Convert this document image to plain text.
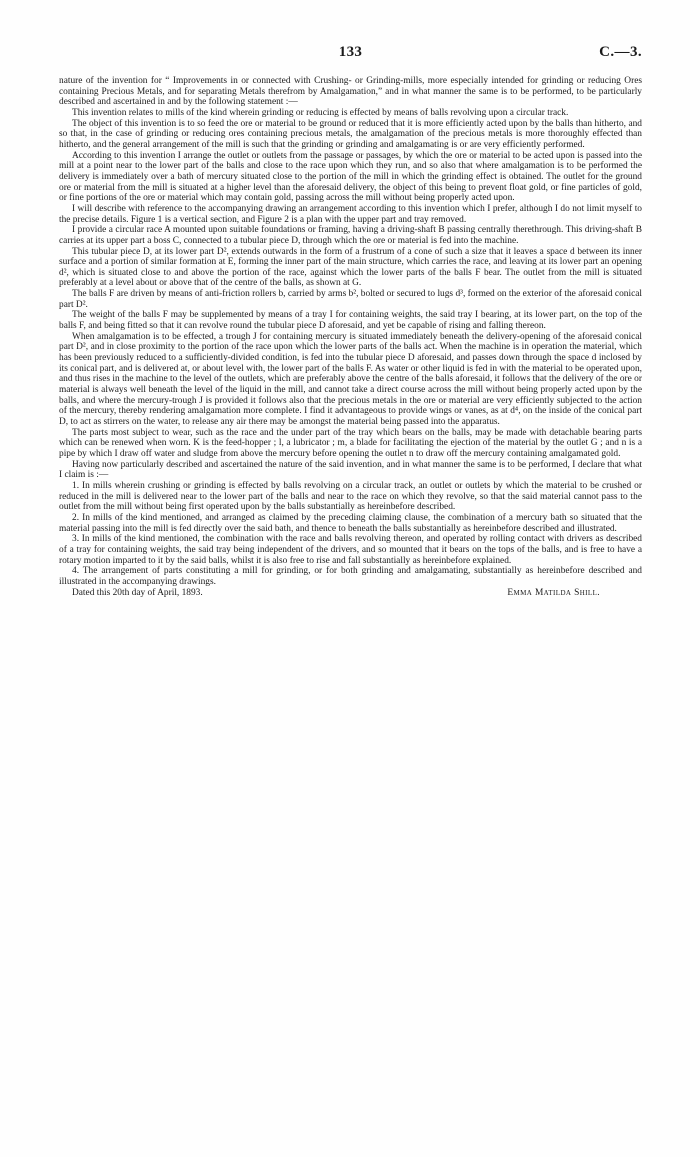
133	C.—3.

nature of the invention for “ Improvements in or connected with Crushing- or Grinding-mills, more especially intended for grinding or reducing Ores containing Precious Metals, and for separating Metals therefrom by Amalgamation,” and in what manner the same is to be performed, to be particularly described and ascertained in and by the following statement :—

This invention relates to mills of the kind wherein grinding or reducing is effected by means of balls revolving upon a circular track.

The object of this invention is to so feed the ore or material to be ground or reduced that it is more efficiently acted upon by the balls than hitherto, and so that, in the case of grinding or reducing ores containing precious metals, the amalgamation of the precious metals is more thoroughly effected than hitherto, and the general arrangement of the mill is such that the grinding or grinding and amalgamating is or are very efficiently performed.

According to this invention I arrange the outlet or outlets from the passage or passages, by which the ore or material to be acted upon is passed into the mill at a point near to the lower part of the balls and close to the race upon which they run, and so also that where amalgamation is to be performed the delivery is immediately over a bath of mercury situated close to the portion of the mill in which the grinding effect is obtained. The outlet for the ground ore or material from the mill is situated at a higher level than the aforesaid delivery, the object of this being to prevent float gold, or fine particles of gold, or fine portions of the ore or material which may contain gold, passing across the mill without being properly acted upon.

I will describe with reference to the accompanying drawing an arrangement according to this invention which I prefer, although I do not limit myself to the precise details. Figure 1 is a vertical section, and Figure 2 is a plan with the upper part and tray removed.

I provide a circular race A mounted upon suitable foundations or framing, having a driving-shaft B passing centrally therethrough. This driving-shaft B carries at its upper part a boss C, connected to a tubular piece D, through which the ore or material is fed into the machine.

This tubular piece D, at its lower part D², extends outwards in the form of a frustrum of a cone of such a size that it leaves a space d between its inner surface and a portion of similar formation at E, forming the inner part of the main structure, which carries the race, and leaving at its lower part an opening d², which is situated close to and above the portion of the race, against which the lower parts of the balls F bear. The outlet from the mill is situated preferably at a level about or above that of the centre of the balls, as shown at G.

The balls F are driven by means of anti-friction rollers b, carried by arms b², bolted or secured to lugs d³, formed on the exterior of the aforesaid conical part D².

The weight of the balls F may be supplemented by means of a tray I for containing weights, the said tray I bearing, at its lower part, on the top of the balls F, and being fitted so that it can revolve round the tubular piece D aforesaid, and yet be capable of rising and falling thereon.

When amalgamation is to be effected, a trough J for containing mercury is situated immediately beneath the delivery-opening of the aforesaid conical part D², and in close proximity to the portion of the race upon which the lower parts of the balls act. When the machine is in operation the material, which has been previously reduced to a sufficiently-divided condition, is fed into the tubular piece D aforesaid, and passes down through the space d inclosed by its conical part, and is delivered at, or about level with, the lower part of the balls F. As water or other liquid is fed in with the material to be operated upon, and thus rises in the machine to the level of the outlets, which are preferably above the centre of the balls aforesaid, it follows that the delivery of the ore or material is always well beneath the level of the liquid in the mill, and cannot take a direct course across the mill without being properly acted upon by the balls, and where the mercury-trough J is provided it follows also that the precious metals in the ore or material are very efficiently subjected to the action of the mercury, thereby rendering amalgamation more complete. I find it advantageous to provide wings or vanes, as at d⁴, on the inside of the conical part D, to act as stirrers on the water, to release any air there may be amongst the material being passed into the apparatus.

The parts most subject to wear, such as the race and the under part of the tray which bears on the balls, may be made with detachable bearing parts which can be renewed when worn. K is the feed-hopper ; l, a lubricator ; m, a blade for facilitating the ejection of the material by the outlet G ; and n is a pipe by which I draw off water and sludge from above the mercury before opening the outlet n to draw off the mercury containing amalgamated gold.

Having now particularly described and ascertained the nature of the said invention, and in what manner the same is to be performed, I declare that what I claim is :—

1. In mills wherein crushing or grinding is effected by balls revolving on a circular track, an outlet or outlets by which the material to be crushed or reduced in the mill is delivered near to the lower part of the balls and near to the race on which they revolve, so that the said material cannot pass to the outlet from the mill without being first operated upon by the balls substantially as hereinbefore described.

2. In mills of the kind mentioned, and arranged as claimed by the preceding claiming clause, the combination of a mercury bath so situated that the material passing into the mill is fed directly over the said bath, and thence to beneath the balls substantially as hereinbefore described and illustrated.

3. In mills of the kind mentioned, the combination with the race and balls revolving thereon, and operated by rolling contact with drivers as described of a tray for containing weights, the said tray being independent of the drivers, and so mounted that it bears on the tops of the balls, and is free to have a rotary motion imparted to it by the said balls, whilst it is also free to rise and fall substantially as hereinbefore explained.

4. The arrangement of parts constituting a mill for grinding, or for both grinding and amalgamating, substantially as hereinbefore described and illustrated in the accompanying drawings.

Dated this 20th day of April, 1893.	Emma Matilda Shill.
